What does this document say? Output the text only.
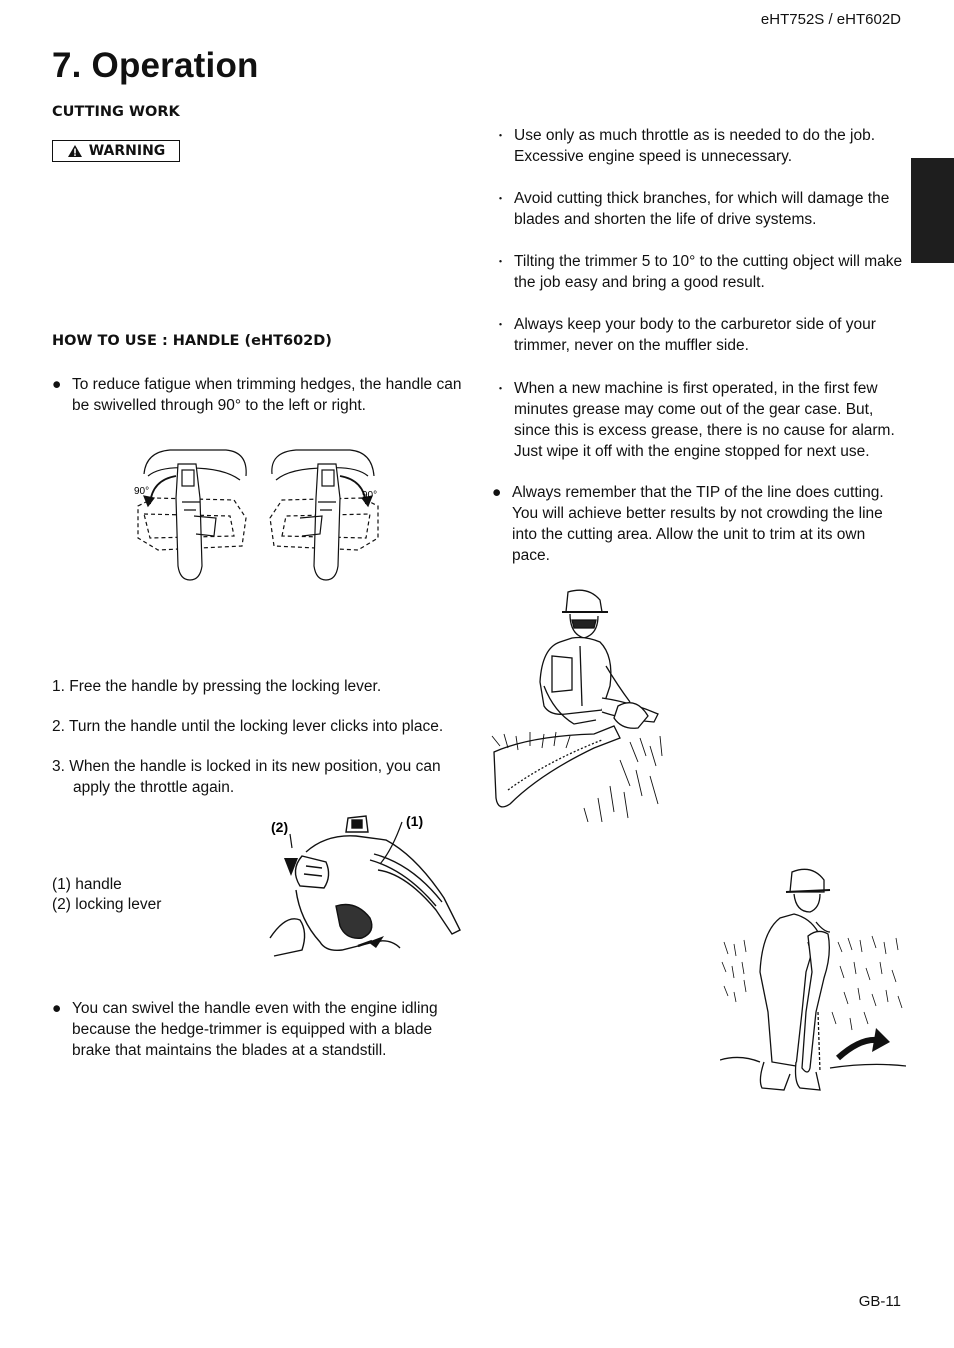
eHT752S / eHT602D
7. Operation
CUTTING WORK
WARNING
HOW TO USE : HANDLE (eHT602D)
● To reduce fatigue when trimming hedges, the handle can be swivelled through 90° to the left or right.
90°	90°
1. Free the handle by pressing the locking lever.
2. Turn the handle until the locking lever clicks into place.
3. When the handle is locked in its new position, you can apply the throttle again.
(1) handle
(2) locking lever
(2)	(1)
● You can swivel the handle even with the engine idling because the hedge-trimmer is equipped with a blade brake that maintains the blades at a standstill.
・ Use only as much throttle as is needed to do the job. Excessive engine speed is unnecessary.
・ Avoid cutting thick branches, for which will damage the blades and shorten the life of drive systems.
・ Tilting the trimmer 5 to 10° to the cutting object will make the job easy and bring a good result.
・ Always keep your body to the carburetor side of your trimmer, never on the muffler side.
・ When a new machine is first operated, in the first few minutes grease may come out of the gear case. But, since this is excess grease, there is no cause for alarm. Just wipe it off with the engine stopped for next use.
● Always remember that the TIP of the line does cutting. You will achieve better results by not crowding the line into the cutting area. Allow the unit to trim at its own pace.
GB-11
